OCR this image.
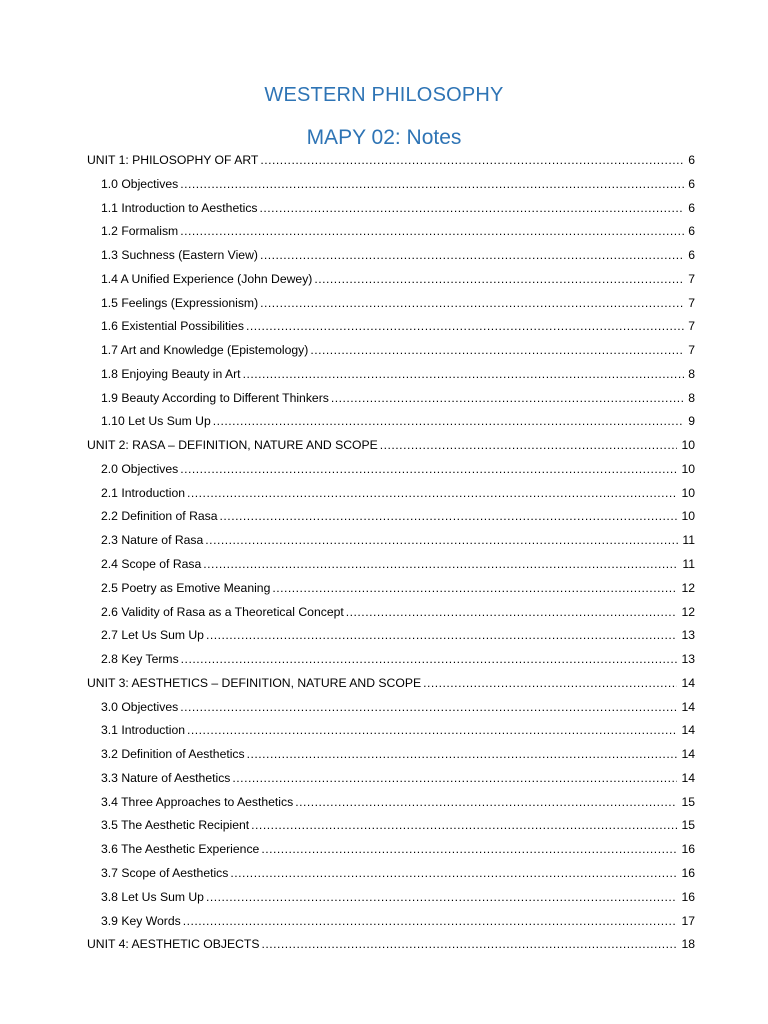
WESTERN PHILOSOPHY
MAPY 02: Notes
UNIT 1: PHILOSOPHY OF ART .....	6
1.0 Objectives .....	6
1.1 Introduction to Aesthetics .....	6
1.2 Formalism .....	6
1.3 Suchness (Eastern View) .....	6
1.4 A Unified Experience (John Dewey) .....	7
1.5 Feelings (Expressionism) .....	7
1.6 Existential Possibilities .....	7
1.7 Art and Knowledge (Epistemology) .....	7
1.8 Enjoying Beauty in Art .....	8
1.9 Beauty According to Different Thinkers .....	8
1.10 Let Us Sum Up .....	9
UNIT 2: RASA – DEFINITION, NATURE AND SCOPE .....	10
2.0 Objectives .....	10
2.1 Introduction .....	10
2.2 Definition of Rasa .....	10
2.3 Nature of Rasa .....	11
2.4 Scope of Rasa .....	11
2.5 Poetry as Emotive Meaning .....	12
2.6 Validity of Rasa as a Theoretical Concept .....	12
2.7 Let Us Sum Up .....	13
2.8 Key Terms .....	13
UNIT 3: AESTHETICS – DEFINITION, NATURE AND SCOPE .....	14
3.0 Objectives .....	14
3.1 Introduction .....	14
3.2 Definition of Aesthetics .....	14
3.3 Nature of Aesthetics .....	14
3.4 Three Approaches to Aesthetics .....	15
3.5 The Aesthetic Recipient .....	15
3.6 The Aesthetic Experience .....	16
3.7 Scope of Aesthetics .....	16
3.8 Let Us Sum Up .....	16
3.9 Key Words .....	17
UNIT 4: AESTHETIC OBJECTS .....	18
